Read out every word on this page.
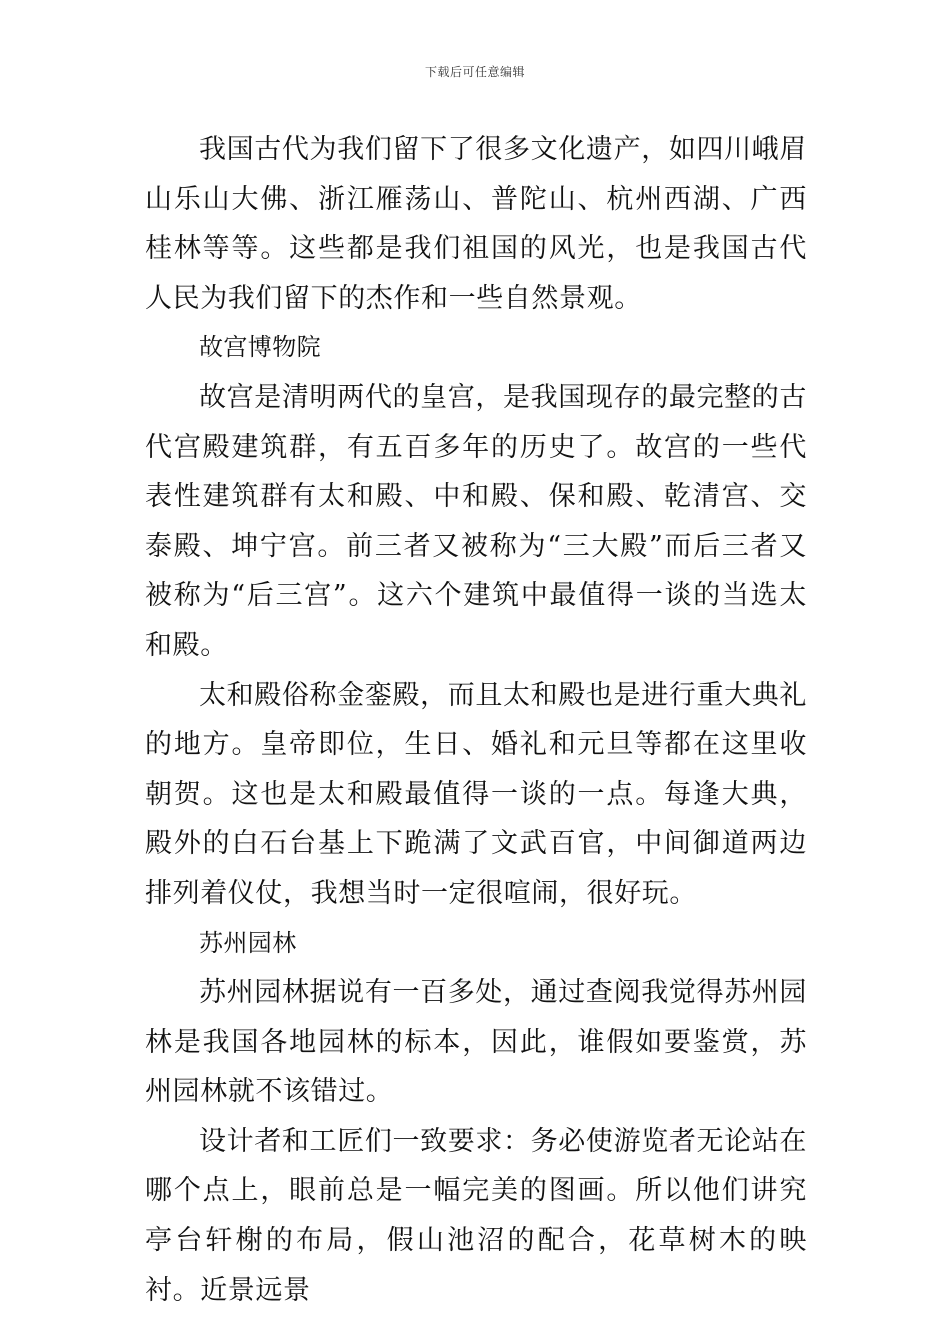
下载后可任意编辑

我国古代为我们留下了很多文化遗产，如四川峨眉山乐山大佛、浙江雁荡山、普陀山、杭州西湖、广西桂林等等。这些都是我们祖国的风光，也是我国古代人民为我们留下的杰作和一些自然景观。

故宫博物院

故宫是清明两代的皇宫，是我国现存的最完整的古代宫殿建筑群，有五百多年的历史了。故宫的一些代表性建筑群有太和殿、中和殿、保和殿、乾清宫、交泰殿、坤宁宫。前三者又被称为“三大殿”而后三者又被称为“后三宫”。这六个建筑中最值得一谈的当选太和殿。

太和殿俗称金銮殿，而且太和殿也是进行重大典礼的地方。皇帝即位，生日、婚礼和元旦等都在这里收朝贺。这也是太和殿最值得一谈的一点。每逢大典，殿外的白石台基上下跪满了文武百官，中间御道两边排列着仪仗，我想当时一定很喧闹，很好玩。

苏州园林

苏州园林据说有一百多处，通过查阅我觉得苏州园林是我国各地园林的标本，因此，谁假如要鉴赏，苏州园林就不该错过。

设计者和工匠们一致要求：务必使游览者无论站在哪个点上，眼前总是一幅完美的图画。所以他们讲究亭台轩榭的布局，假山池沼的配合，花草树木的映衬。近景远景
